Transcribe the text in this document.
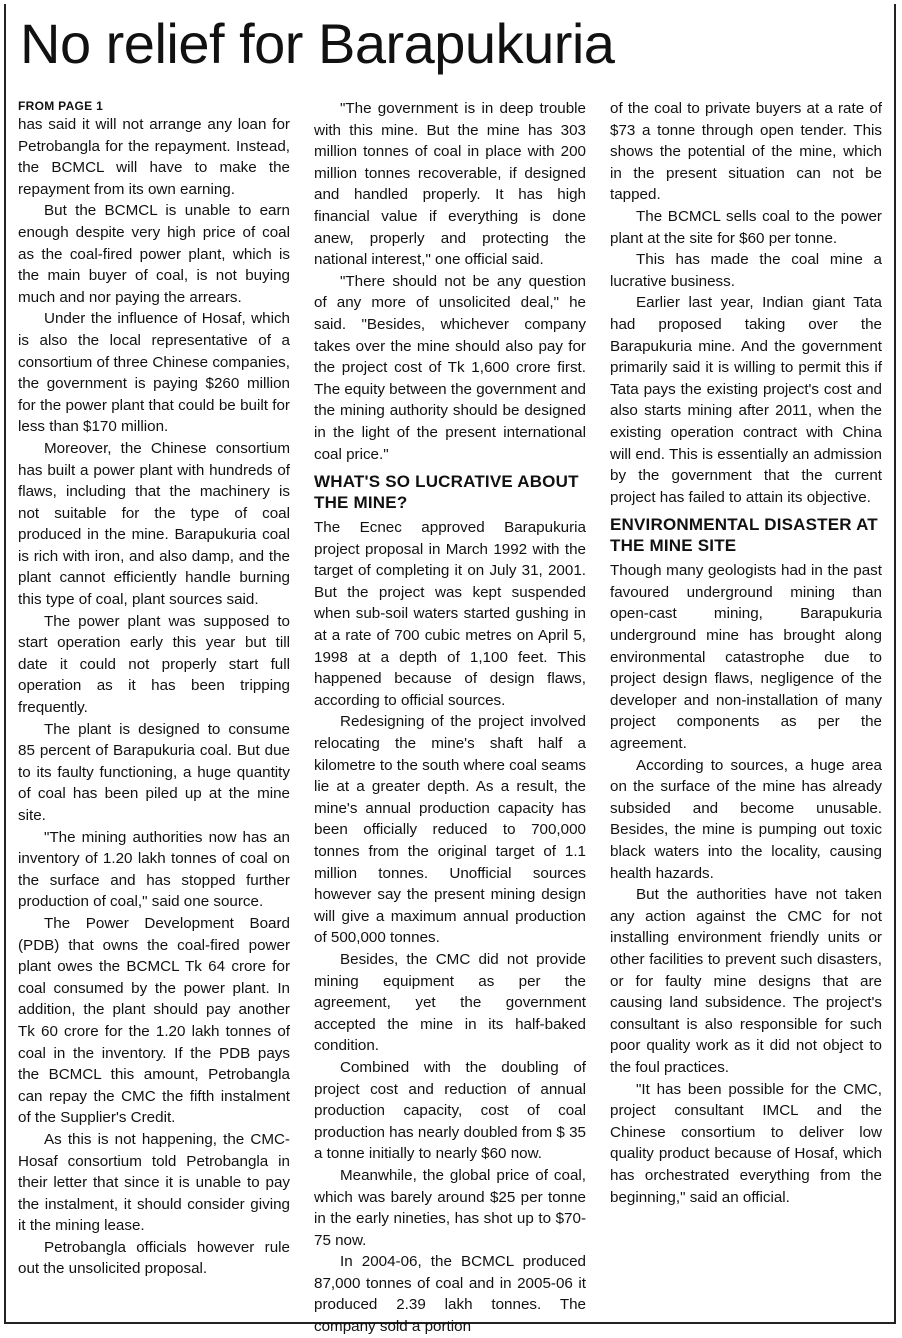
No relief for Barapukuria

FROM PAGE 1

has said it will not arrange any loan for Petrobangla for the repayment. Instead, the BCMCL will have to make the repayment from its own earning.

But the BCMCL is unable to earn enough despite very high price of coal as the coal-fired power plant, which is the main buyer of coal, is not buying much and nor paying the arrears.

Under the influence of Hosaf, which is also the local representative of a consortium of three Chinese companies, the government is paying $260 million for the power plant that could be built for less than $170 million.

Moreover, the Chinese consortium has built a power plant with hundreds of flaws, including that the machinery is not suitable for the type of coal produced in the mine. Barapukuria coal is rich with iron, and also damp, and the plant cannot efficiently handle burning this type of coal, plant sources said.

The power plant was supposed to start operation early this year but till date it could not properly start full operation as it has been tripping frequently.

The plant is designed to consume 85 percent of Barapukuria coal. But due to its faulty functioning, a huge quantity of coal has been piled up at the mine site.

"The mining authorities now has an inventory of 1.20 lakh tonnes of coal on the surface and has stopped further production of coal," said one source.

The Power Development Board (PDB) that owns the coal-fired power plant owes the BCMCL Tk 64 crore for coal consumed by the power plant. In addition, the plant should pay another Tk 60 crore for the 1.20 lakh tonnes of coal in the inventory. If the PDB pays the BCMCL this amount, Petrobangla can repay the CMC the fifth instalment of the Supplier's Credit.

As this is not happening, the CMC-Hosaf consortium told Petrobangla in their letter that since it is unable to pay the instalment, it should consider giving it the mining lease.

Petrobangla officials however rule out the unsolicited proposal.

"The government is in deep trouble with this mine. But the mine has 303 million tonnes of coal in place with 200 million tonnes recoverable, if designed and handled properly. It has high financial value if everything is done anew, properly and protecting the national interest," one official said.

"There should not be any question of any more of unsolicited deal," he said. "Besides, whichever company takes over the mine should also pay for the project cost of Tk 1,600 crore first. The equity between the government and the mining authority should be designed in the light of the present international coal price."

WHAT'S SO LUCRATIVE ABOUT THE MINE?

The Ecnec approved Barapukuria project proposal in March 1992 with the target of completing it on July 31, 2001. But the project was kept suspended when sub-soil waters started gushing in at a rate of 700 cubic metres on April 5, 1998 at a depth of 1,100 feet. This happened because of design flaws, according to official sources.

Redesigning of the project involved relocating the mine's shaft half a kilometre to the south where coal seams lie at a greater depth. As a result, the mine's annual production capacity has been officially reduced to 700,000 tonnes from the original target of 1.1 million tonnes. Unofficial sources however say the present mining design will give a maximum annual production of 500,000 tonnes.

Besides, the CMC did not provide mining equipment as per the agreement, yet the government accepted the mine in its half-baked condition.

Combined with the doubling of project cost and reduction of annual production capacity, cost of coal production has nearly doubled from $ 35 a tonne initially to nearly $60 now.

Meanwhile, the global price of coal, which was barely around $25 per tonne in the early nineties, has shot up to $70-75 now.

In 2004-06, the BCMCL produced 87,000 tonnes of coal and in 2005-06 it produced 2.39 lakh tonnes. The company sold a portion

of the coal to private buyers at a rate of $73 a tonne through open tender. This shows the potential of the mine, which in the present situation can not be tapped.

The BCMCL sells coal to the power plant at the site for $60 per tonne.

This has made the coal mine a lucrative business.

Earlier last year, Indian giant Tata had proposed taking over the Barapukuria mine. And the government primarily said it is willing to permit this if Tata pays the existing project's cost and also starts mining after 2011, when the existing operation contract with China will end. This is essentially an admission by the government that the current project has failed to attain its objective.

ENVIRONMENTAL DISASTER AT THE MINE SITE

Though many geologists had in the past favoured underground mining than open-cast mining, Barapukuria underground mine has brought along environmental catastrophe due to project design flaws, negligence of the developer and non-installation of many project components as per the agreement.

According to sources, a huge area on the surface of the mine has already subsided and become unusable. Besides, the mine is pumping out toxic black waters into the locality, causing health hazards.

But the authorities have not taken any action against the CMC for not installing environment friendly units or other facilities to prevent such disasters, or for faulty mine designs that are causing land subsidence. The project's consultant is also responsible for such poor quality work as it did not object to the foul practices.

"It has been possible for the CMC, project consultant IMCL and the Chinese consortium to deliver low quality product because of Hosaf, which has orchestrated everything from the beginning," said an official.
